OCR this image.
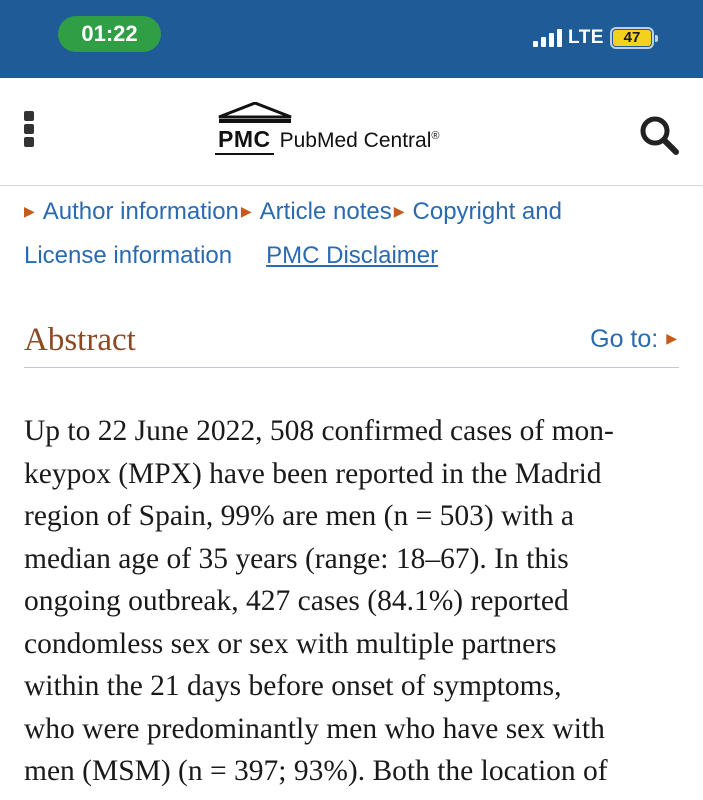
01:22	LTE	47
PMC PubMed Central®
▶ Author information ▶ Article notes ▶ Copyright and
License information PMC Disclaimer
Abstract	Go to: ▶
Up to 22 June 2022, 508 confirmed cases of mon-
keypox (MPX) have been reported in the Madrid
region of Spain, 99% are men (n = 503) with a
median age of 35 years (range: 18–67). In this
ongoing outbreak, 427 cases (84.1%) reported
condomless sex or sex with multiple partners
within the 21 days before onset of symptoms,
who were predominantly men who have sex with
men (MSM) (n = 397; 93%). Both the location of
